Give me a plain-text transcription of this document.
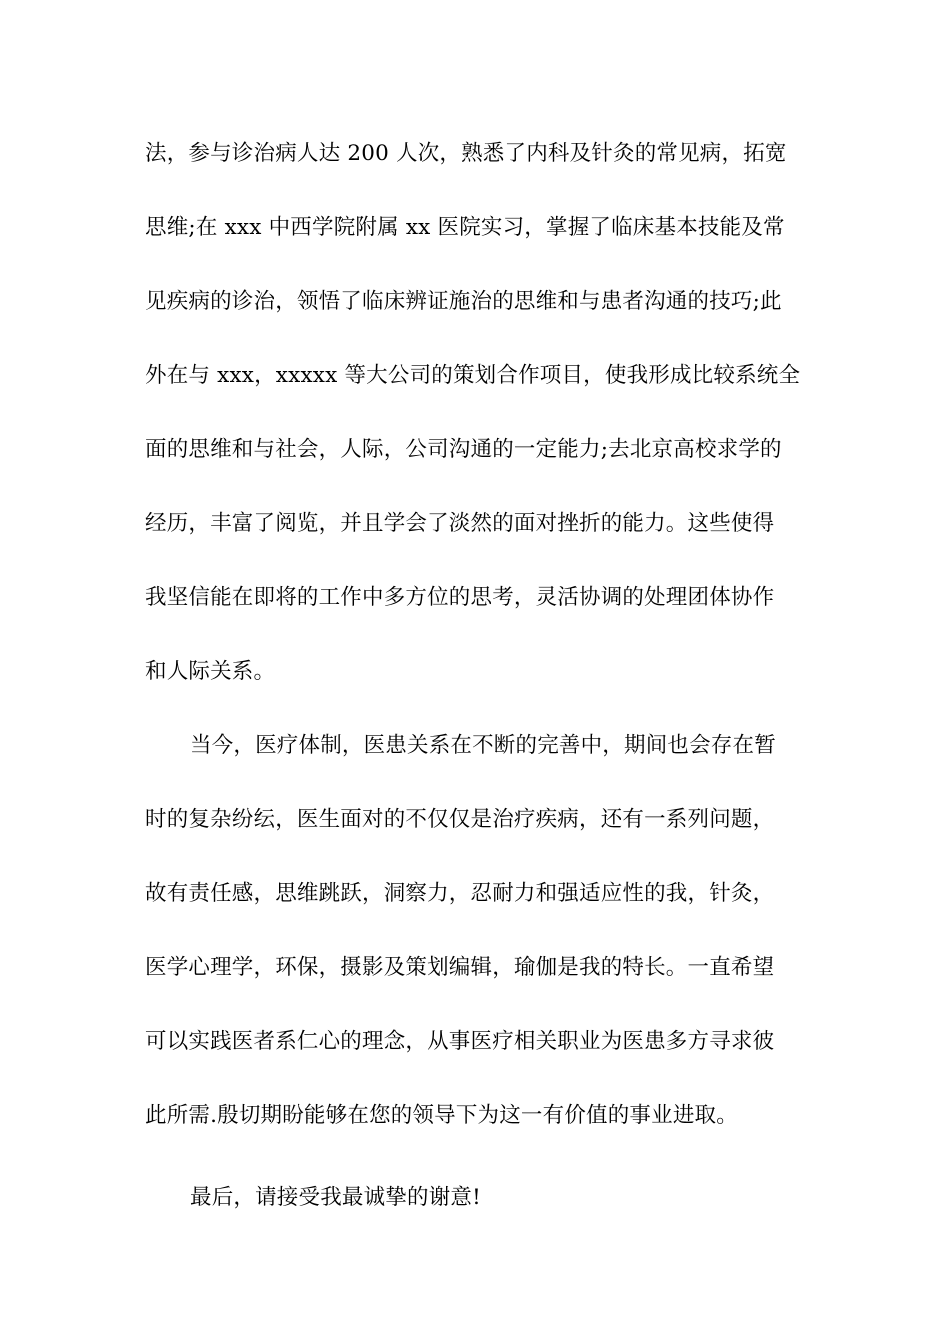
法，参与诊治病人达 200 人次，熟悉了内科及针灸的常见病，拓宽
思维;在 xxx 中西学院附属 xx 医院实习，掌握了临床基本技能及常
见疾病的诊治，领悟了临床辨证施治的思维和与患者沟通的技巧;此
外在与 xxx，xxxxx 等大公司的策划合作项目，使我形成比较系统全
面的思维和与社会，人际，公司沟通的一定能力;去北京高校求学的
经历，丰富了阅览，并且学会了淡然的面对挫折的能力。这些使得
我坚信能在即将的工作中多方位的思考，灵活协调的处理团体协作
和人际关系。
当今，医疗体制，医患关系在不断的完善中，期间也会存在暂
时的复杂纷纭，医生面对的不仅仅是治疗疾病，还有一系列问题，
故有责任感，思维跳跃，洞察力，忍耐力和强适应性的我，针灸，
医学心理学，环保，摄影及策划编辑，瑜伽是我的特长。一直希望
可以实践医者系仁心的理念，从事医疗相关职业为医患多方寻求彼
此所需.殷切期盼能够在您的领导下为这一有价值的事业进取。
最后，请接受我最诚挚的谢意!
